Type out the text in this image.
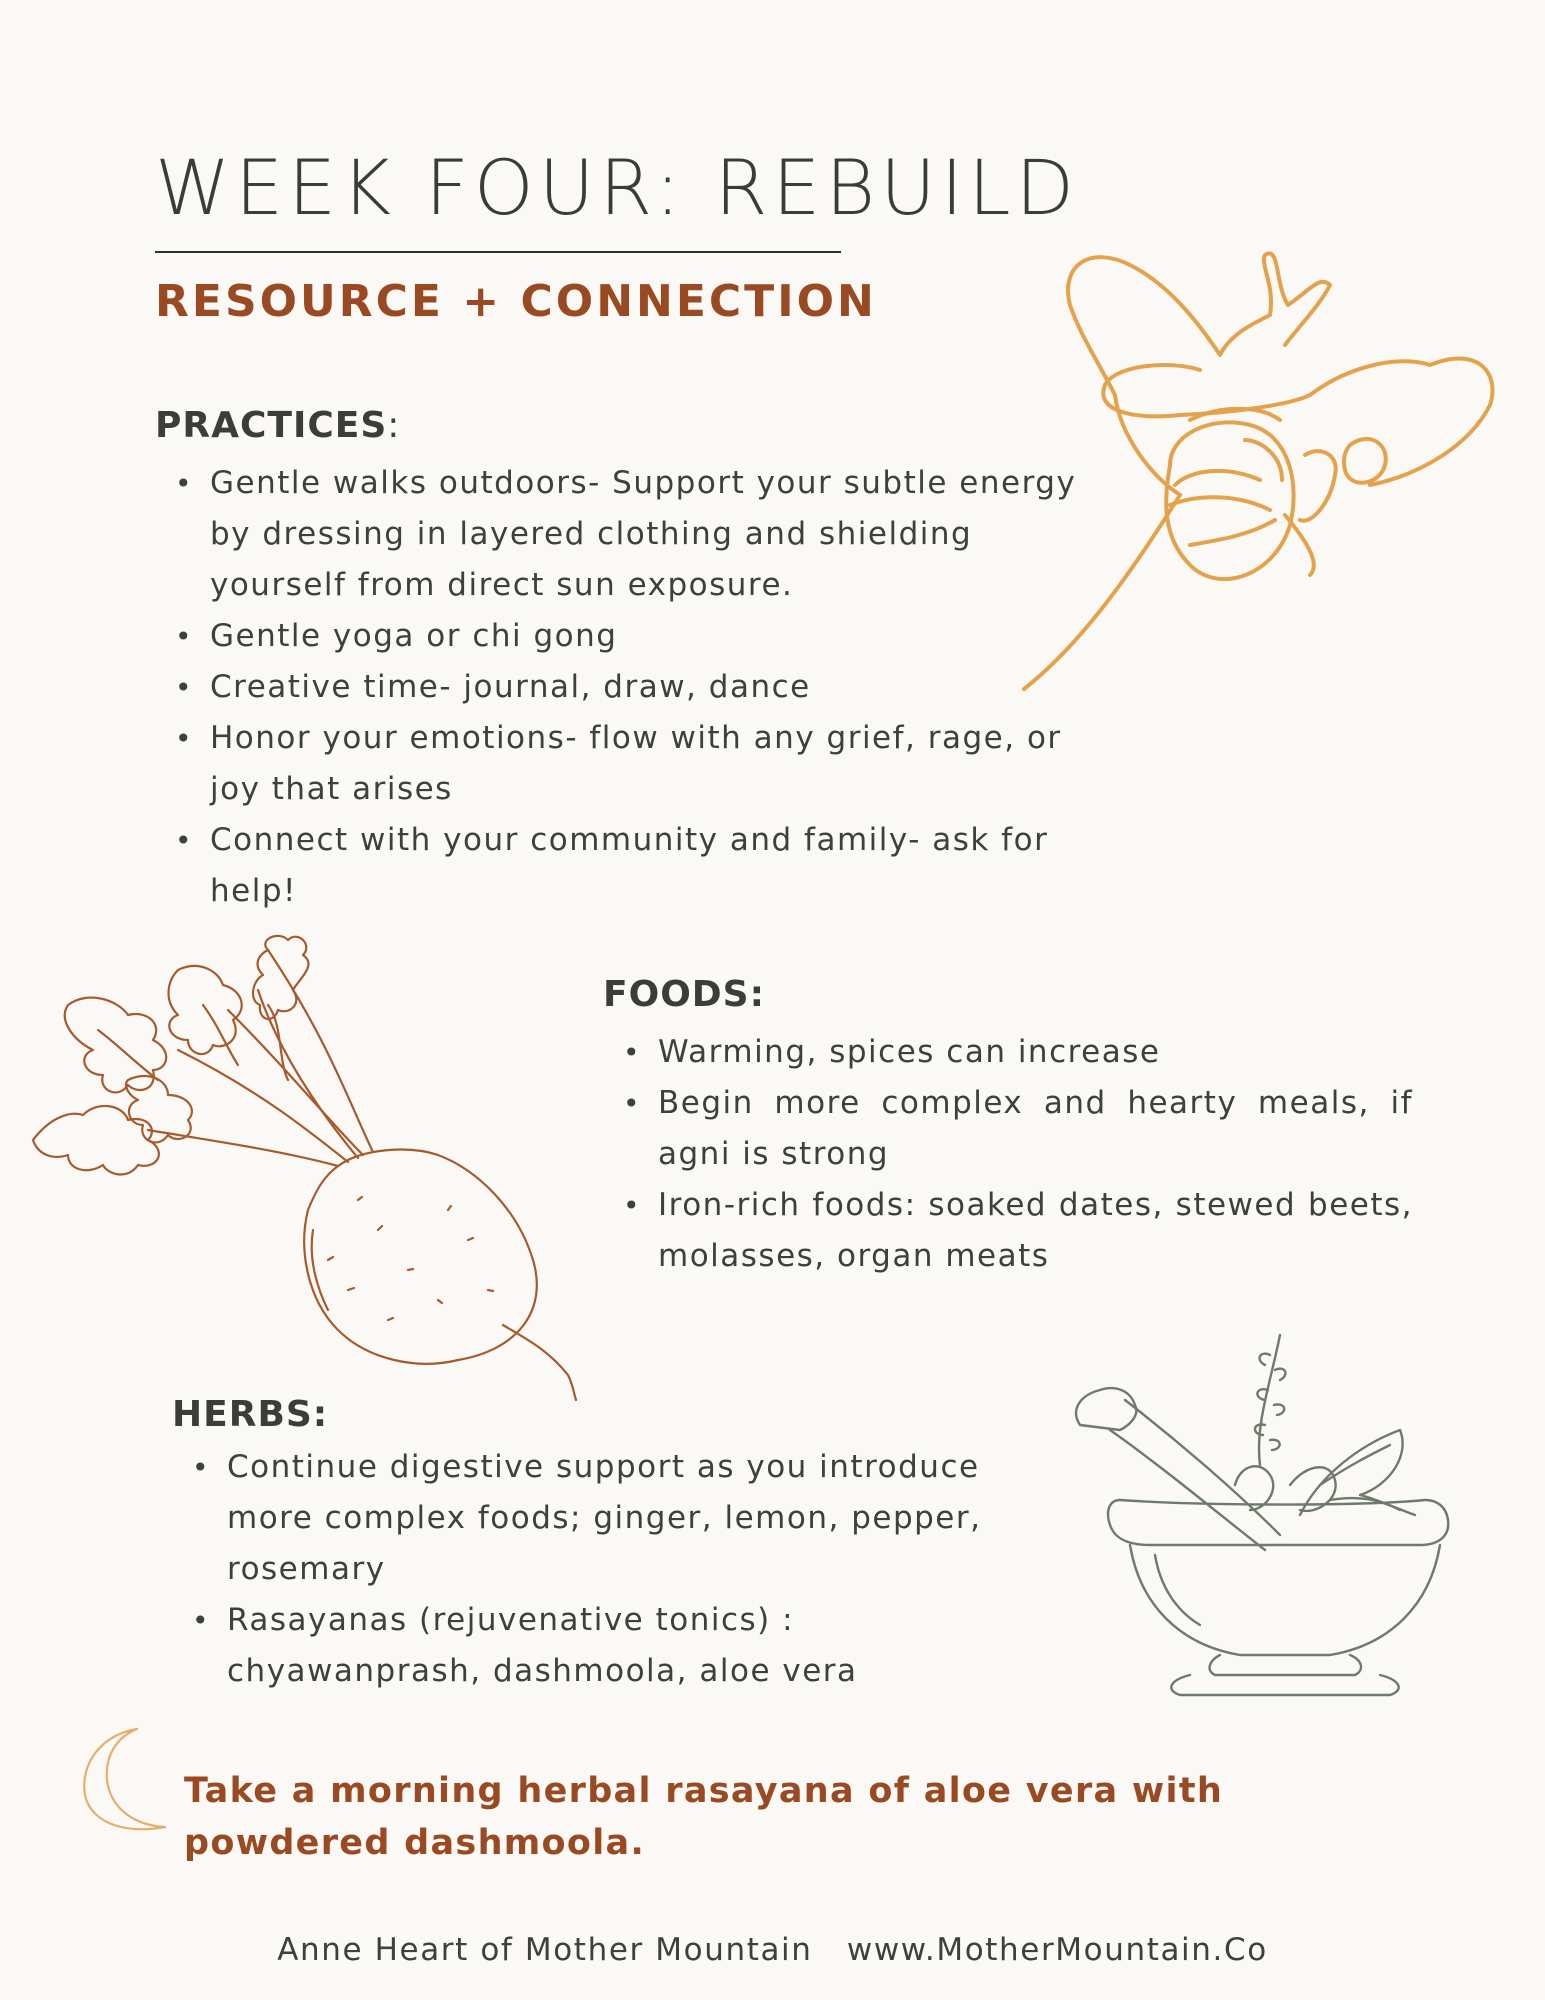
WEEK FOUR: REBUILD
RESOURCE + CONNECTION
PRACTICES:
• Gentle walks outdoors- Support your subtle energy by dressing in layered clothing and shielding yourself from direct sun exposure.
• Gentle yoga or chi gong
• Creative time- journal, draw, dance
• Honor your emotions- flow with any grief, rage, or joy that arises
• Connect with your community and family- ask for help!
FOODS:
• Warming, spices can increase
• Begin more complex and hearty meals, if agni is strong
• Iron-rich foods: soaked dates, stewed beets, molasses, organ meats
HERBS:
• Continue digestive support as you introduce more complex foods; ginger, lemon, pepper, rosemary
• Rasayanas (rejuvenative tonics) : chyawanprash, dashmoola, aloe vera
Take a morning herbal rasayana of aloe vera with powdered dashmoola.
Anne Heart of Mother Mountain www.MotherMountain.Co
